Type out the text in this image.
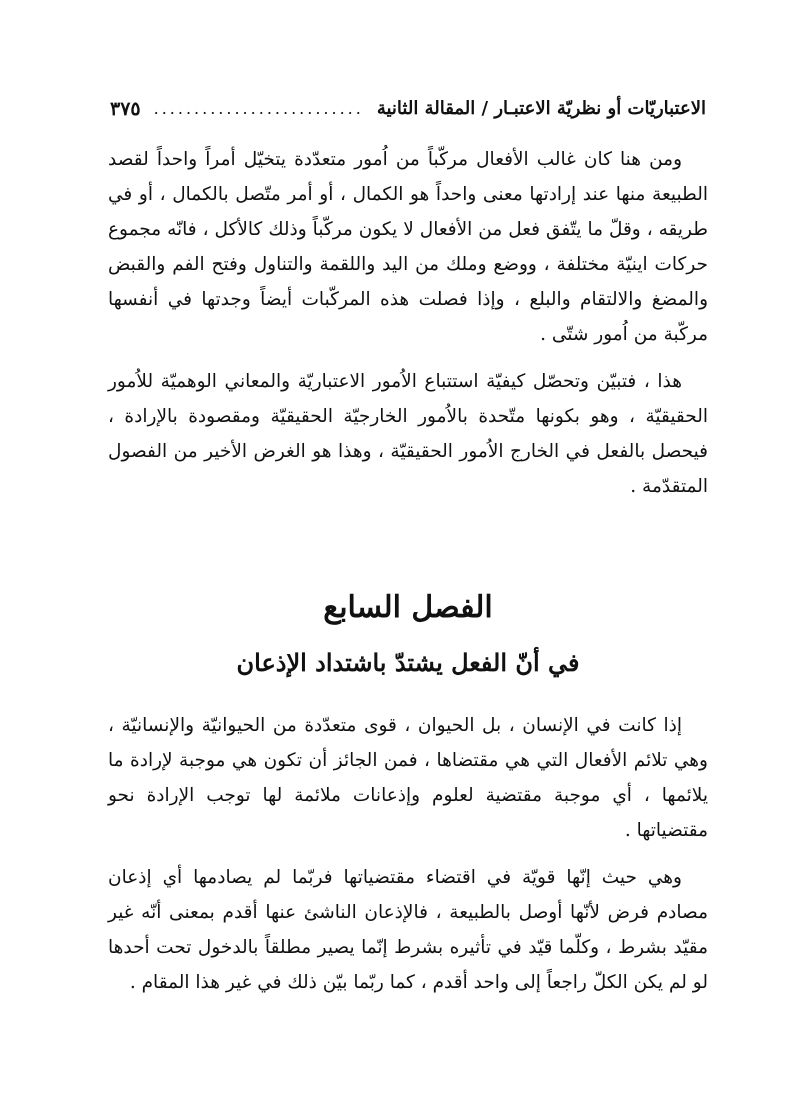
الاعتباريّات أو نظريّة الاعتبـار / المقالة الثانية
..........................
٣٧٥

ومن هنا كان غالب الأفعال مركّباً من اُمور متعدّدة يتخيّل أمراً واحداً لقصد الطبيعة منها عند إرادتها معنى واحداً هو الكمال ، أو أمر متّصل بالكمال ، أو في طريقه ، وقلّ ما يتّفق فعل من الأفعال لا يكون مركّباً وذلك كالأكل ، فانّه مجموع حركات اينيّة مختلفة ، ووضع وملك من اليد واللقمة والتناول وفتح الفم والقبض والمضغ والالتقام والبلع ، وإذا فصلت هذه المركّبات أيضاً وجدتها في أنفسها مركّبة من اُمور شتّى .

هذا ، فتبيّن وتحصّل كيفيّة استتباع الاُمور الاعتباريّة والمعاني الوهميّة للاُمور الحقيقيّة ، وهو بكونها متّحدة بالاُمور الخارجيّة الحقيقيّة ومقصودة بالإرادة ، فيحصل بالفعل في الخارج الاُمور الحقيقيّة ، وهذا هو الغرض الأخير من الفصول المتقدّمة .

الفصل السابع
في أنّ الفعل يشتدّ باشتداد الإذعان

إذا كانت في الإنسان ، بل الحيوان ، قوى متعدّدة من الحيوانيّة والإنسانيّة ، وهي تلائم الأفعال التي هي مقتضاها ، فمن الجائز أن تكون هي موجبة لإرادة ما يلائمها ، أي موجبة مقتضية لعلوم وإذعانات ملائمة لها توجب الإرادة نحو مقتضياتها .

وهي حيث إنّها قويّة في اقتضاء مقتضياتها فربّما لم يصادمها أي إذعان مصادم فرض لأنّها أوصل بالطبيعة ، فالإذعان الناشئ عنها أقدم بمعنى أنّه غير مقيّد بشرط ، وكلّما قيّد في تأثيره بشرط إنّما يصير مطلقاً بالدخول تحت أحدها لو لم يكن الكلّ راجعاً إلى واحد أقدم ، كما ربّما بيّن ذلك في غير هذا المقام .
